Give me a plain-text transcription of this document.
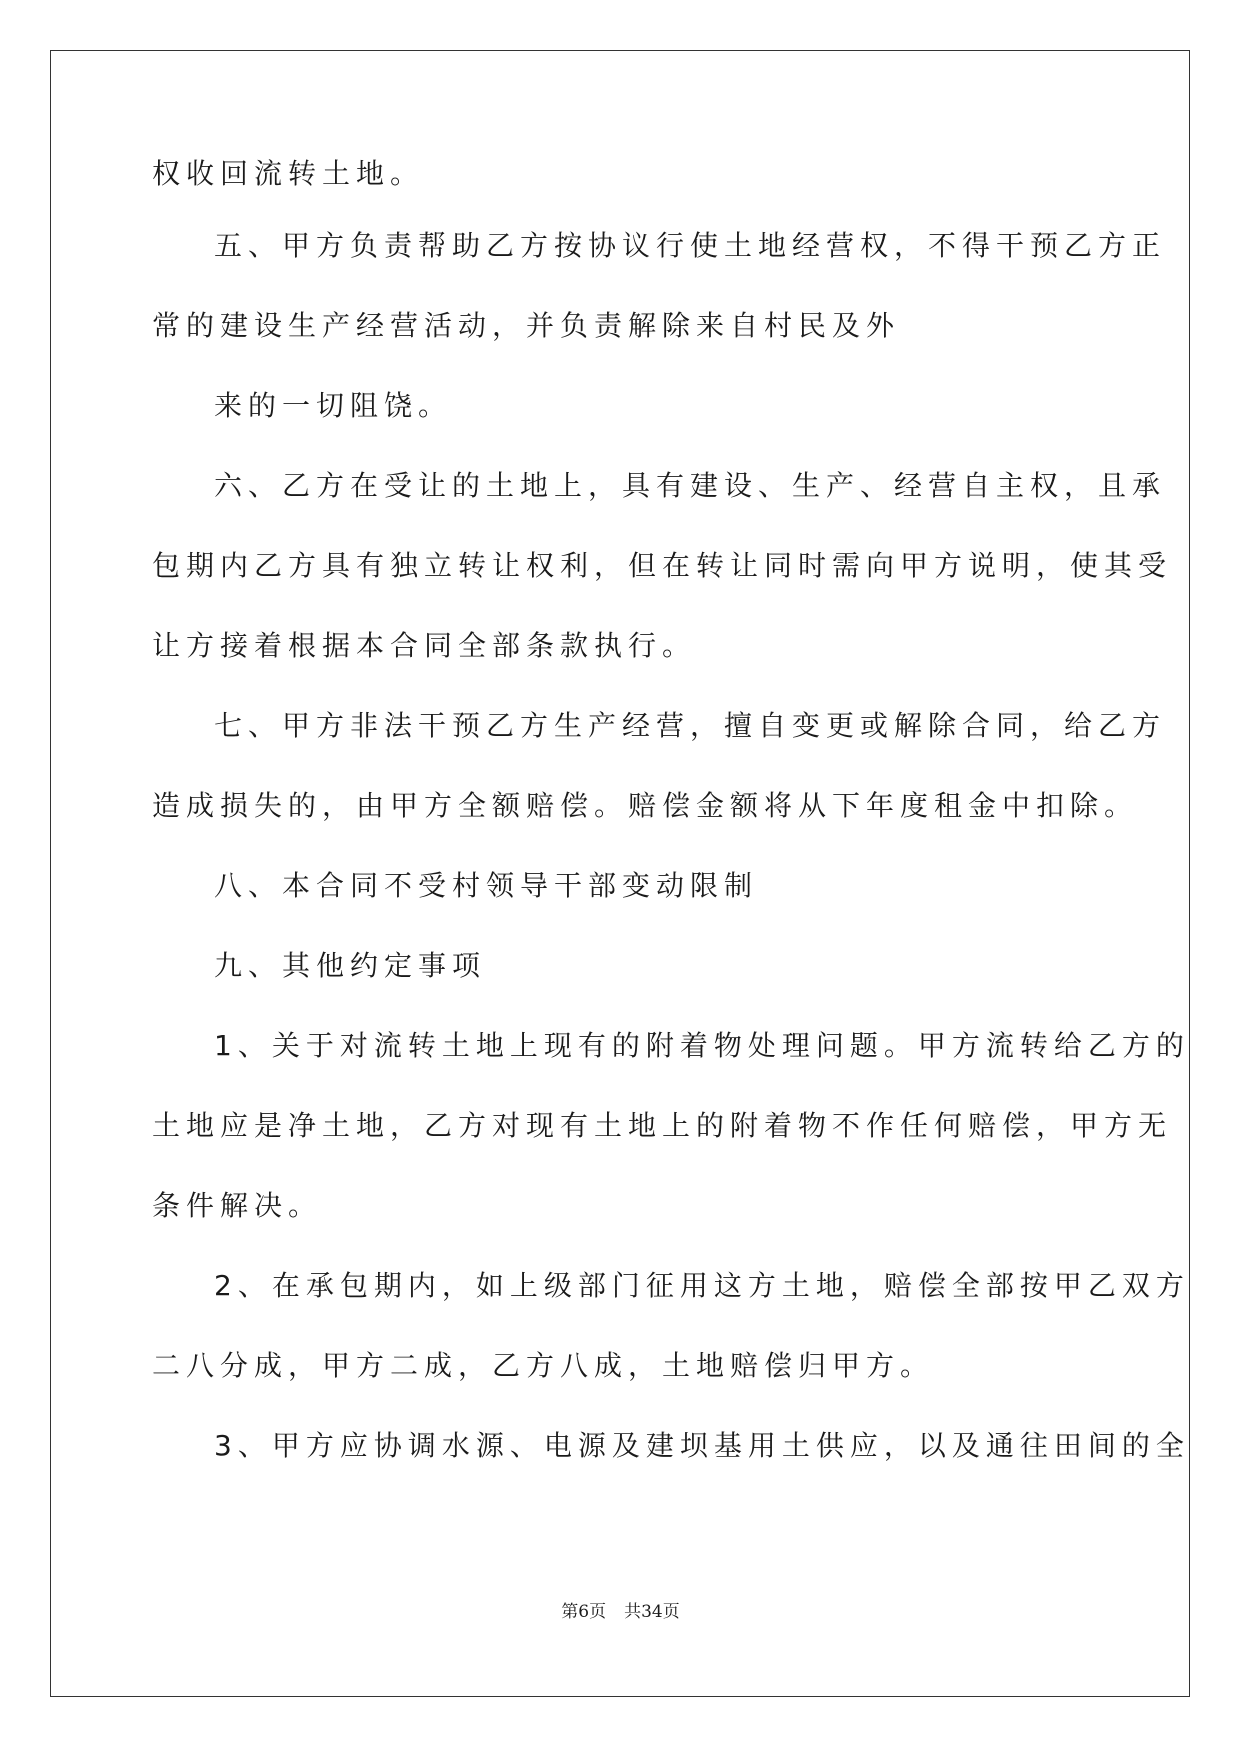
权收回流转土地。
五、甲方负责帮助乙方按协议行使土地经营权，不得干预乙方正
常的建设生产经营活动，并负责解除来自村民及外
来的一切阻饶。
六、乙方在受让的土地上，具有建设、生产、经营自主权，且承
包期内乙方具有独立转让权利，但在转让同时需向甲方说明，使其受
让方接着根据本合同全部条款执行。
七、甲方非法干预乙方生产经营，擅自变更或解除合同，给乙方
造成损失的，由甲方全额赔偿。赔偿金额将从下年度租金中扣除。
八、本合同不受村领导干部变动限制
九、其他约定事项
1、关于对流转土地上现有的附着物处理问题。甲方流转给乙方的
土地应是净土地，乙方对现有土地上的附着物不作任何赔偿，甲方无
条件解决。
2、在承包期内，如上级部门征用这方土地，赔偿全部按甲乙双方
二八分成，甲方二成，乙方八成，土地赔偿归甲方。
3、甲方应协调水源、电源及建坝基用土供应，以及通往田间的全
第6页 共34页
